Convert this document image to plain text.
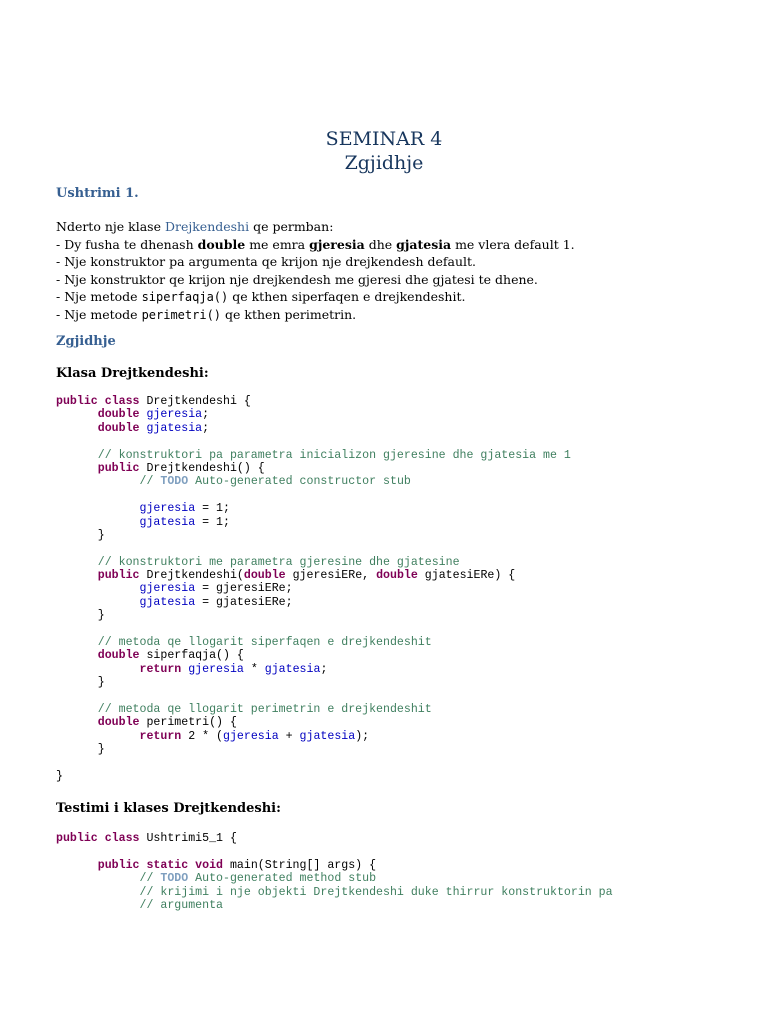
SEMINAR 4
Zgjidhje
Ushtrimi 1.
Nderto nje klase Drejkendeshi qe permban:
- Dy fusha te dhenash double me emra gjeresia dhe gjatesia me vlera default 1.
- Nje konstruktor pa argumenta qe krijon nje drejkendesh default.
- Nje konstruktor qe krijon nje drejkendesh me gjeresi dhe gjatesi te dhene.
- Nje metode siperfaqja() qe kthen siperfaqen e drejkendeshit.
- Nje metode perimetri() qe kthen perimetrin.
Zgjidhje
Klasa Drejtkendeshi:
public class Drejtkendeshi {
double gjeresia;
double gjatesia;

// konstruktori pa parametra inicializon gjeresine dhe gjatesia me 1
public Drejtkendeshi() {
// TODO Auto-generated constructor stub

gjeresia = 1;
gjatesia = 1;
}

// konstruktori me parametra gjeresine dhe gjatesine
public Drejtkendeshi(double gjeresiERe, double gjatesiERe) {
gjeresia = gjeresiERe;
gjatesia = gjatesiERe;
}

// metoda qe llogarit siperfaqen e drejkendeshit
double siperfaqja() {
return gjeresia * gjatesia;
}

// metoda qe llogarit perimetrin e drejkendeshit
double perimetri() {
return 2 * (gjeresia + gjatesia);
}

}
Testimi i klases Drejtkendeshi:
public class Ushtrimi5_1 {

public static void main(String[] args) {
// TODO Auto-generated method stub
// krijimi i nje objekti Drejtkendeshi duke thirrur konstruktorin pa
// argumenta
